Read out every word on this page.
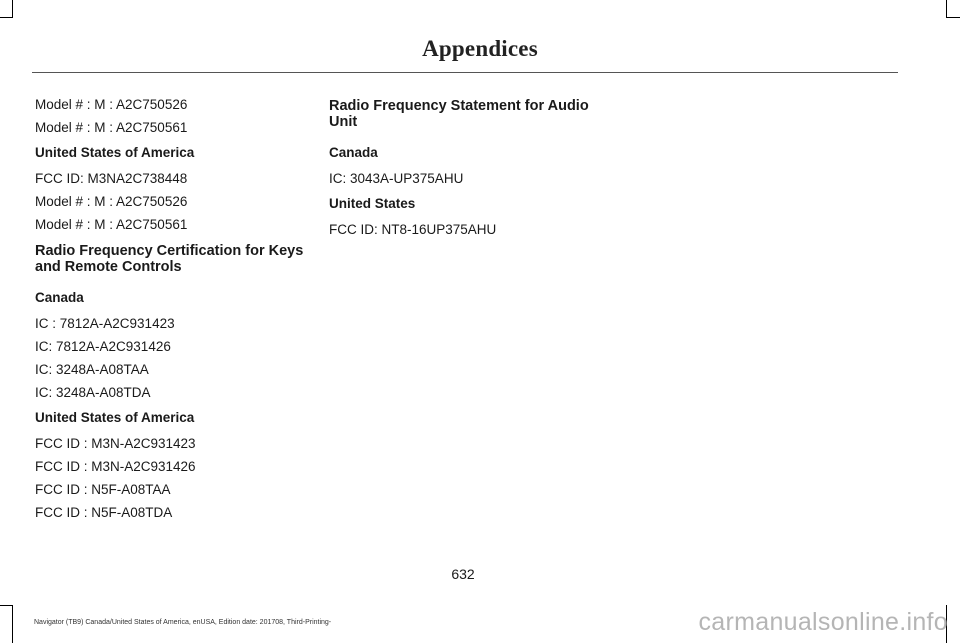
Appendices
Model # : M : A2C750526
Model # : M : A2C750561
United States of America
FCC ID: M3NA2C738448
Model # : M : A2C750526
Model # : M : A2C750561
Radio Frequency Certification for Keys and Remote Controls
Canada
IC : 7812A-A2C931423
IC: 7812A-A2C931426
IC: 3248A-A08TAA
IC: 3248A-A08TDA
United States of America
FCC ID : M3N-A2C931423
FCC ID : M3N-A2C931426
FCC ID : N5F-A08TAA
FCC ID : N5F-A08TDA
Radio Frequency Statement for Audio Unit
Canada
IC: 3043A-UP375AHU
United States
FCC ID: NT8-16UP375AHU
632
Navigator (TB9) Canada/United States of America, enUSA, Edition date: 201708, Third-Printing-	carmanualsonline.info
